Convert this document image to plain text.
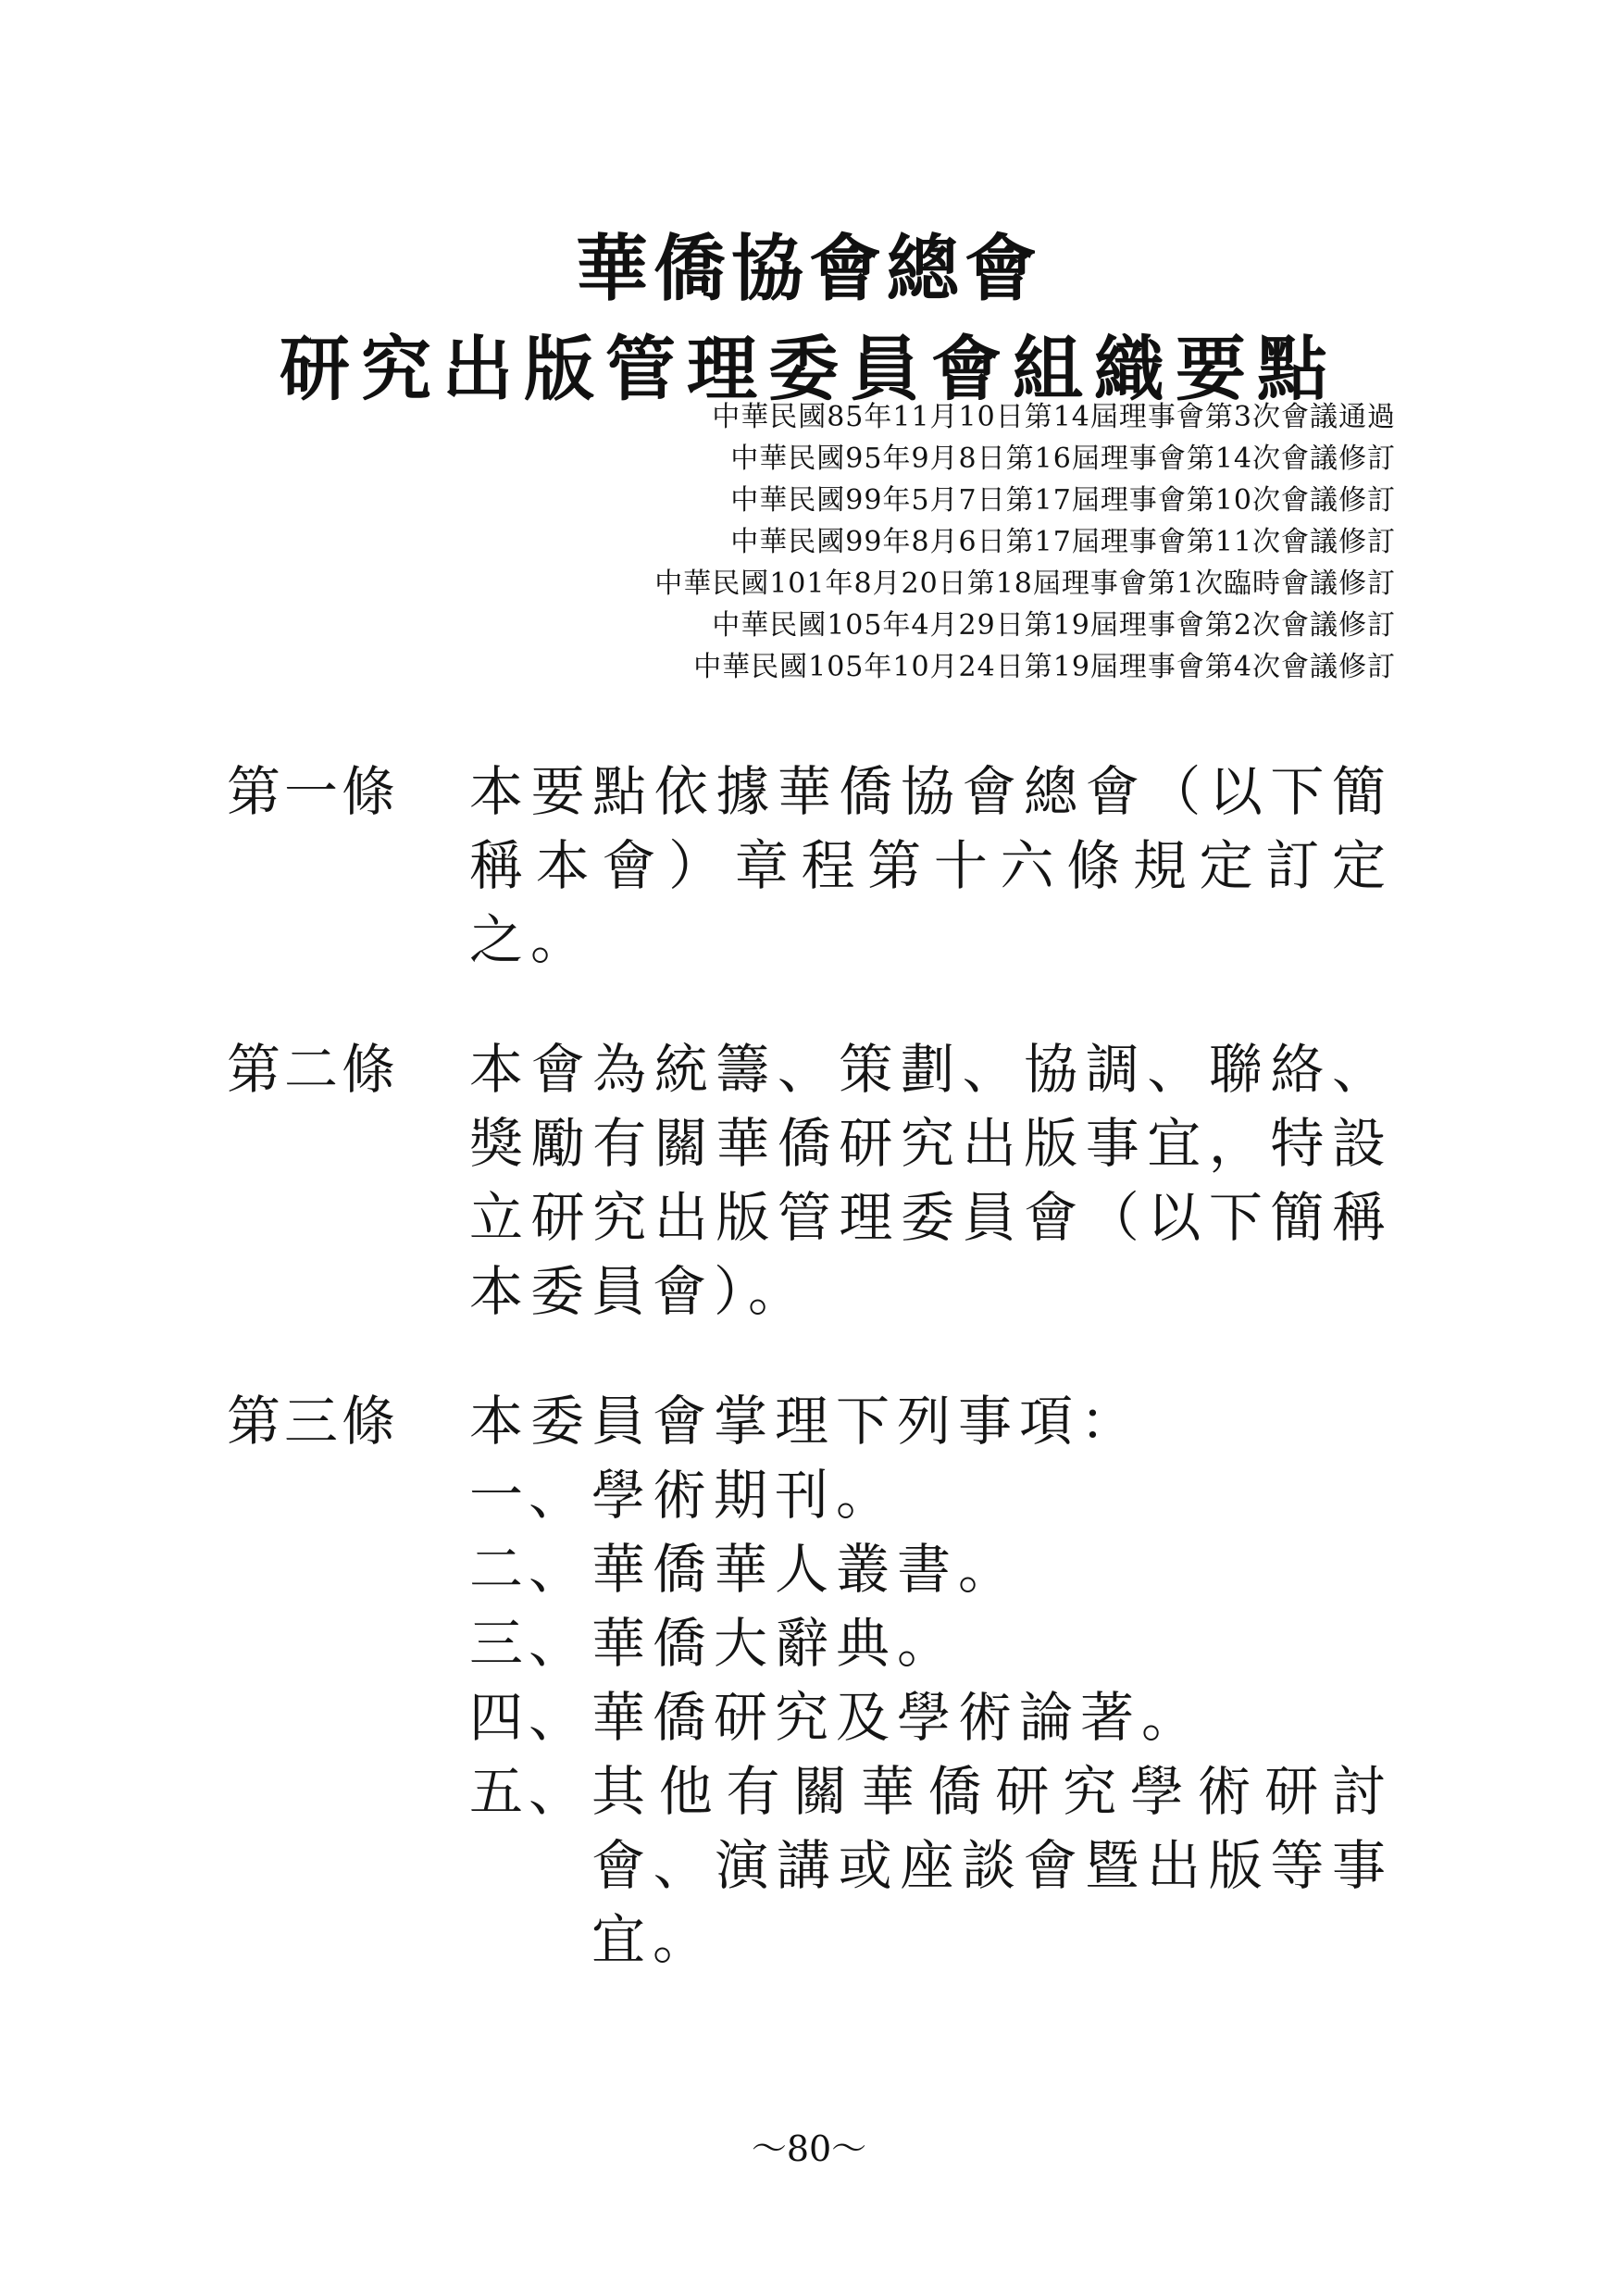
華僑協會總會
研究出版管理委員會組織要點
中華民國85年11月10日第14屆理事會第3次會議通過
中華民國95年9月8日第16屆理事會第14次會議修訂
中華民國99年5月7日第17屆理事會第10次會議修訂
中華民國99年8月6日第17屆理事會第11次會議修訂
中華民國101年8月20日第18屆理事會第1次臨時會議修訂
中華民國105年4月29日第19屆理事會第2次會議修訂
中華民國105年10月24日第19屆理事會第4次會議修訂
第一條 本要點依據華僑協會總會（以下簡稱本會）章程第十六條規定訂定之。
第二條 本會為統籌、策劃、協調、聯絡、獎勵有關華僑研究出版事宜，特設立研究出版管理委員會（以下簡稱本委員會）。
第三條 本委員會掌理下列事項：
一、 學術期刊。
二、 華僑華人叢書。
三、 華僑大辭典。
四、 華僑研究及學術論著。
五、 其他有關華僑研究學術研討會、演講或座談會暨出版等事宜。
～80～
